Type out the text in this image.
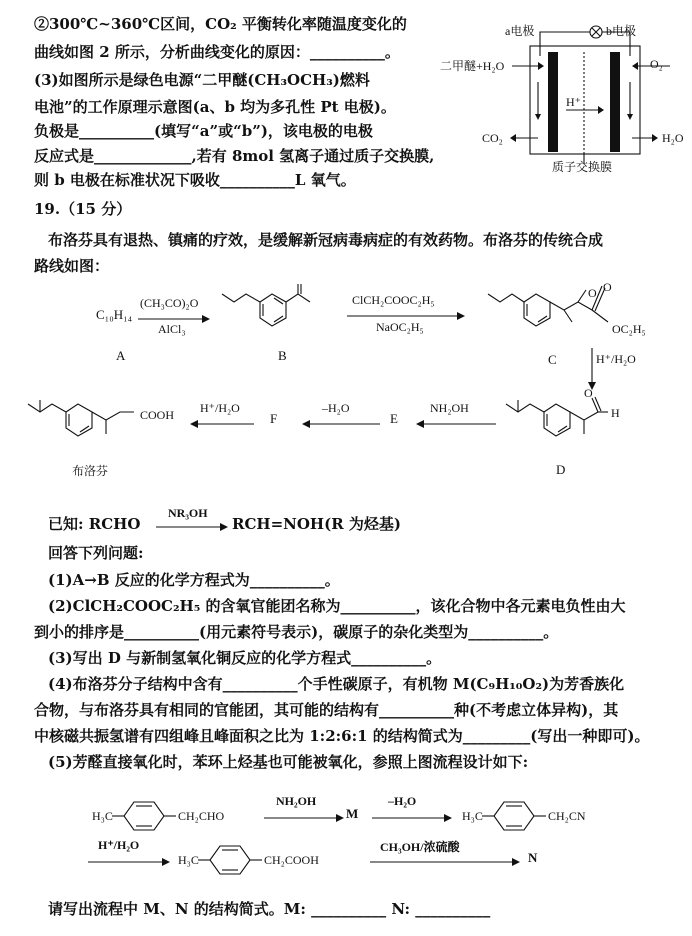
②300℃~360℃区间，CO₂ 平衡转化率随温度变化的
曲线如图 2 所示，分析曲线变化的原因：__________。
(3)如图所示是绿色电源“二甲醚(CH₃OCH₃)燃料
电池”的工作原理示意图(a、b 均为多孔性 Pt 电极)。
负极是__________(填写“a”或“b”)，该电极的电极
反应式是_____________,若有 8mol 氢离子通过质子交换膜,
则 b 电极在标准状况下吸收__________L 氧气。
a电极	b电极
二甲醚+H₂O	O₂
H⁺
CO₂	H₂O
质子交换膜
19.（15 分）
布洛芬具有退热、镇痛的疗效，是缓解新冠病毒病症的有效药物。布洛芬的传统合成
路线如图：
C₁₀H₁₄
(CH₃CO)₂O
AlCl₃
ClCH₂COOC₂H₅
NaOC₂H₅
O O
OC₂H₅
A	B	C	H⁺/H₂O
COOH
布洛芬
H⁺/H₂O
F
–H₂O
E
NH₂OH
O
H
D
已知: RCHO
NR₃OH
RCH=NOH(R 为烃基)
回答下列问题:
(1)A→B 反应的化学方程式为__________。
(2)ClCH₂COOC₂H₅ 的含氧官能团名称为__________，该化合物中各元素电负性由大
到小的排序是__________(用元素符号表示)，碳原子的杂化类型为__________。
(3)写出 D 与新制氢氧化铜反应的化学方程式__________。
(4)布洛芬分子结构中含有__________个手性碳原子，有机物 M(C₉H₁₀O₂)为芳香族化
合物，与布洛芬具有相同的官能团，其可能的结构有__________种(不考虑立体异构)，其
中核磁共振氢谱有四组峰且峰面积之比为 1:2:6:1 的结构简式为_________(写出一种即可)。
(5)芳醛直接氧化时，苯环上烃基也可能被氧化，参照上图流程设计如下:
H₃C	CH₂CHO
NH₂OH
M
–H₂O
H₃C	CH₂CN
H⁺/H₂O
H₃C	CH₂COOH
CH₃OH/浓硫酸
N
请写出流程中 M、N 的结构简式。M: __________ N: __________
